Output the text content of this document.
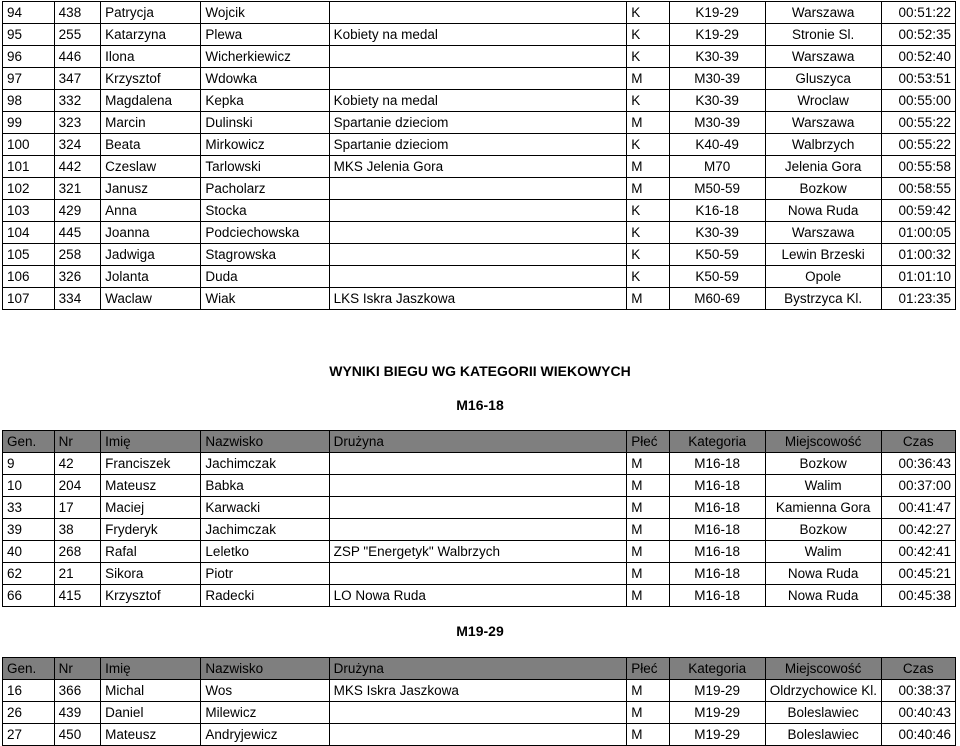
94	438	Patrycja	Wojcik		K	K19-29	Warszawa	00:51:22
95	255	Katarzyna	Plewa	Kobiety na medal	K	K19-29	Stronie Sl.	00:52:35
96	446	Ilona	Wicherkiewicz		K	K30-39	Warszawa	00:52:40
97	347	Krzysztof	Wdowka		M	M30-39	Gluszyca	00:53:51
98	332	Magdalena	Kepka	Kobiety na medal	K	K30-39	Wroclaw	00:55:00
99	323	Marcin	Dulinski	Spartanie dzieciom	M	M30-39	Warszawa	00:55:22
100	324	Beata	Mirkowicz	Spartanie dzieciom	K	K40-49	Walbrzych	00:55:22
101	442	Czeslaw	Tarlowski	MKS Jelenia Gora	M	M70	Jelenia Gora	00:55:58
102	321	Janusz	Pacholarz		M	M50-59	Bozkow	00:58:55
103	429	Anna	Stocka		K	K16-18	Nowa Ruda	00:59:42
104	445	Joanna	Podciechowska		K	K30-39	Warszawa	01:00:05
105	258	Jadwiga	Stagrowska		K	K50-59	Lewin Brzeski	01:00:32
106	326	Jolanta	Duda		K	K50-59	Opole	01:01:10
107	334	Waclaw	Wiak	LKS Iskra Jaszkowa	M	M60-69	Bystrzyca Kl.	01:23:35
WYNIKI BIEGU WG KATEGORII WIEKOWYCH
M16-18
Gen.	Nr	Imię	Nazwisko	Drużyna	Płeć	Kategoria	Miejscowość	Czas
9	42	Franciszek	Jachimczak		M	M16-18	Bozkow	00:36:43
10	204	Mateusz	Babka		M	M16-18	Walim	00:37:00
33	17	Maciej	Karwacki		M	M16-18	Kamienna Gora	00:41:47
39	38	Fryderyk	Jachimczak		M	M16-18	Bozkow	00:42:27
40	268	Rafal	Leletko	ZSP "Energetyk" Walbrzych	M	M16-18	Walim	00:42:41
62	21	Sikora	Piotr		M	M16-18	Nowa Ruda	00:45:21
66	415	Krzysztof	Radecki	LO Nowa Ruda	M	M16-18	Nowa Ruda	00:45:38
M19-29
Gen.	Nr	Imię	Nazwisko	Drużyna	Płeć	Kategoria	Miejscowość	Czas
16	366	Michal	Wos	MKS Iskra Jaszkowa	M	M19-29	Oldrzychowice Kl.	00:38:37
26	439	Daniel	Milewicz		M	M19-29	Boleslawiec	00:40:43
27	450	Mateusz	Andryjewicz		M	M19-29	Boleslawiec	00:40:46
